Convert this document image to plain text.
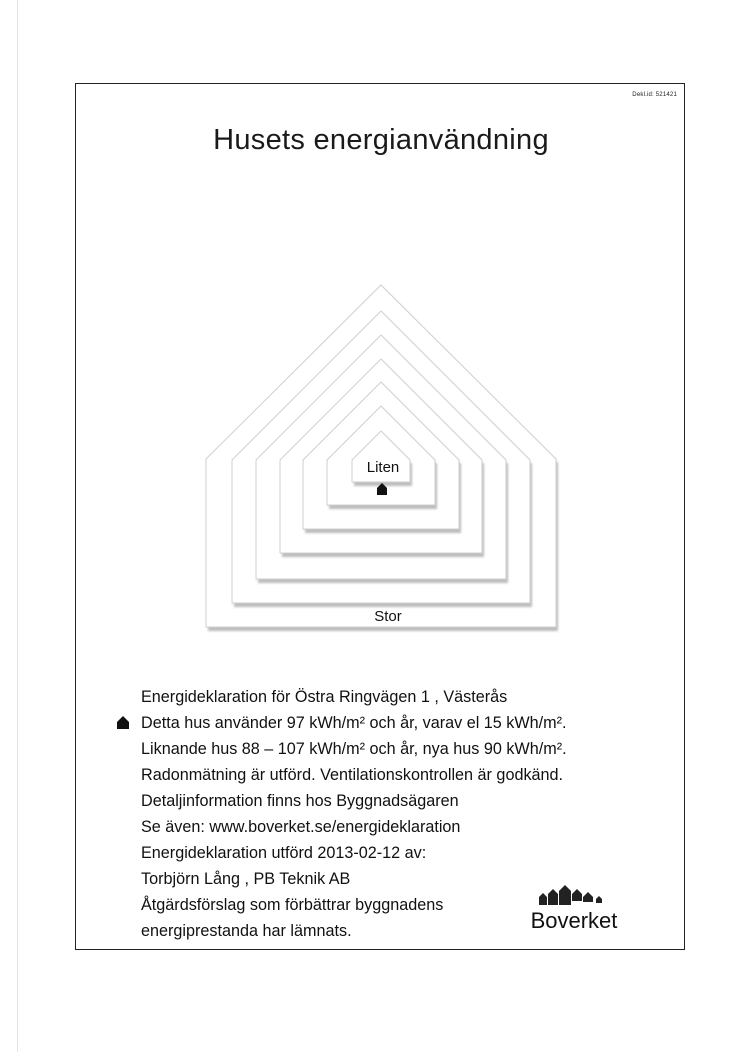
Dekl.id: 521421
Husets energianvändning
Liten
Stor
Energideklaration för Östra Ringvägen 1 , Västerås
Detta hus använder 97 kWh/m² och år, varav el 15 kWh/m².
Liknande hus 88 – 107 kWh/m² och år, nya hus 90 kWh/m².
Radonmätning är utförd. Ventilationskontrollen är godkänd.
Detaljinformation finns hos Byggnadsägaren
Se även: www.boverket.se/energideklaration
Energideklaration utförd 2013-02-12 av:
Torbjörn Lång , PB Teknik AB
Åtgärdsförslag som förbättrar byggnadens
energiprestanda har lämnats.	Boverket
